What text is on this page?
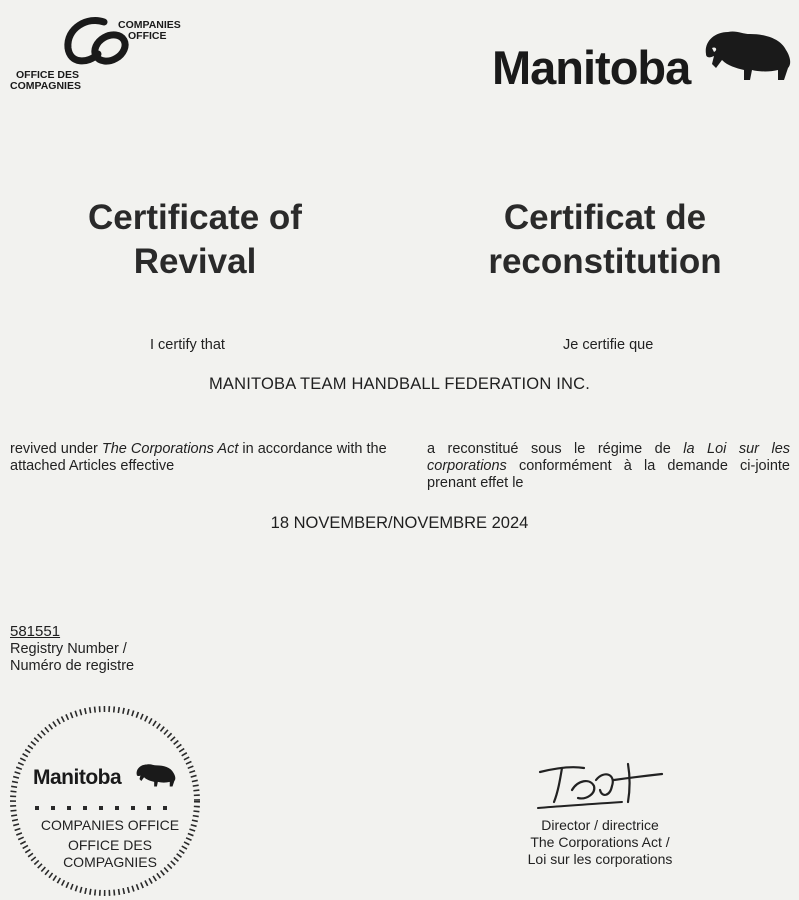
COMPANIES
OFFICE
OFFICE DES
COMPAGNIES	Manitoba
Certificate of
Revival
Certificat de
reconstitution
I certify that	Je certifie que
MANITOBA TEAM HANDBALL FEDERATION INC.
revived under The Corporations Act in accordance with the attached Articles effective
a reconstitué sous le régime de la Loi sur les corporations conformément à la demande ci-jointe prenant effet le
18 NOVEMBER/NOVEMBRE 2024
581551
Registry Number /
Numéro de registre
Manitoba
COMPANIES OFFICE
OFFICE DES
COMPAGNIES
Director / directrice
The Corporations Act /
Loi sur les corporations
